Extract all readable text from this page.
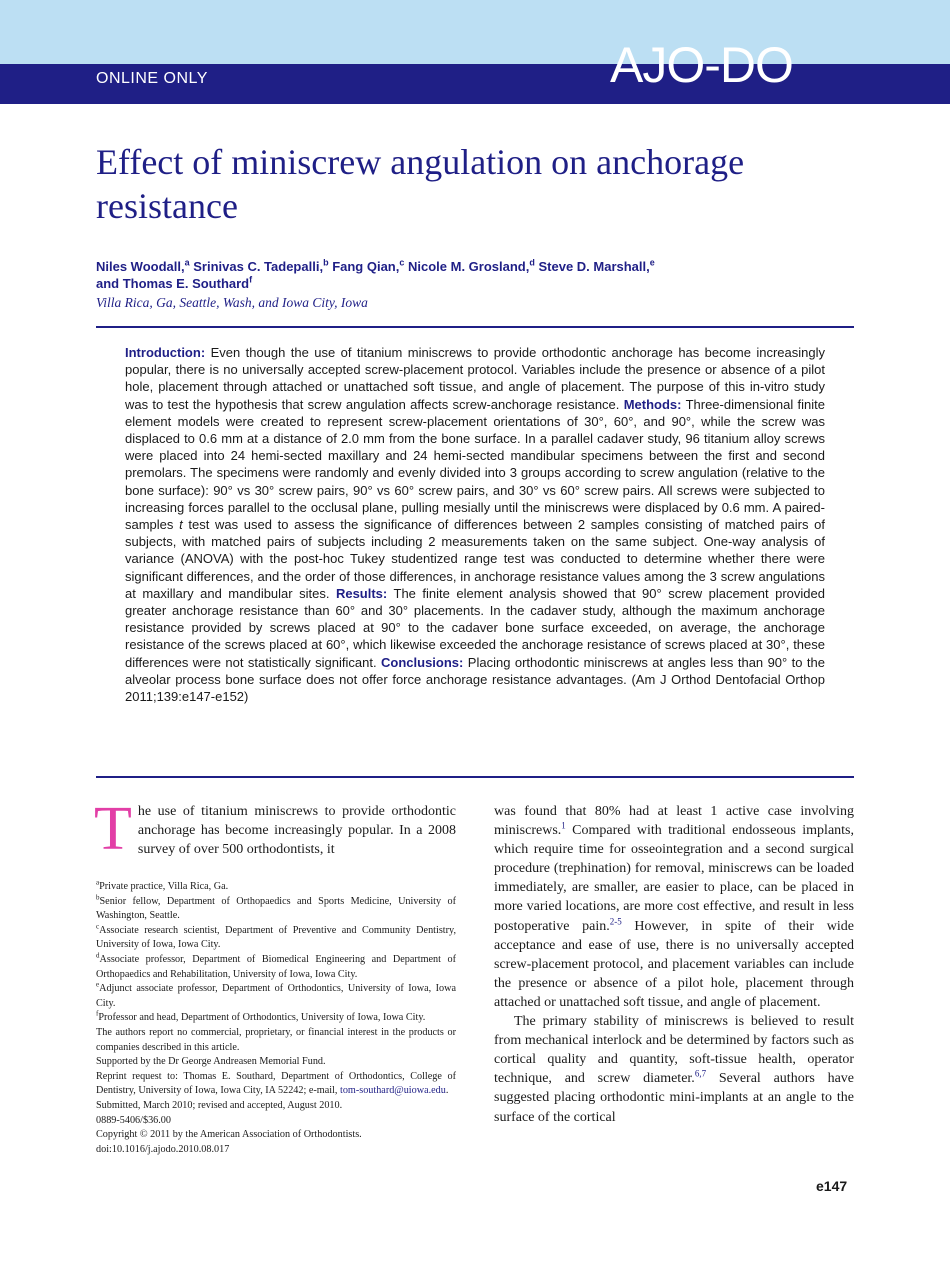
ONLINE ONLY	AJO-DO
Effect of miniscrew angulation on anchorage resistance
Niles Woodall,$^a$ Srinivas C. Tadepalli,$^b$ Fang Qian,$^c$ Nicole M. Grosland,$^d$ Steve D. Marshall,$^e$
and Thomas E. Southard$^f$
Villa Rica, Ga, Seattle, Wash, and Iowa City, Iowa

Introduction: Even though the use of titanium miniscrews to provide orthodontic anchorage has become increasingly popular, there is no universally accepted screw-placement protocol. Variables include the presence or absence of a pilot hole, placement through attached or unattached soft tissue, and angle of placement. The purpose of this in-vitro study was to test the hypothesis that screw angulation affects screw-anchorage resistance. Methods: Three-dimensional finite element models were created to represent screw-placement orientations of 30°, 60°, and 90°, while the screw was displaced to 0.6 mm at a distance of 2.0 mm from the bone surface. In a parallel cadaver study, 96 titanium alloy screws were placed into 24 hemi-sected maxillary and 24 hemi-sected mandibular specimens between the first and second premolars. The specimens were randomly and evenly divided into 3 groups according to screw angulation (relative to the bone surface): 90° vs 30° screw pairs, 90° vs 60° screw pairs, and 30° vs 60° screw pairs. All screws were subjected to increasing forces parallel to the occlusal plane, pulling mesially until the miniscrews were displaced by 0.6 mm. A paired-samples t test was used to assess the significance of differences between 2 samples consisting of matched pairs of subjects, with matched pairs of subjects including 2 measurements taken on the same subject. One-way analysis of variance (ANOVA) with the post-hoc Tukey studentized range test was conducted to determine whether there were significant differences, and the order of those differences, in anchorage resistance values among the 3 screw angulations at maxillary and mandibular sites. Results: The finite element analysis showed that 90° screw placement provided greater anchorage resistance than 60° and 30° placements. In the cadaver study, although the maximum anchorage resistance provided by screws placed at 90° to the cadaver bone surface exceeded, on average, the anchorage resistance of the screws placed at 60°, which likewise exceeded the anchorage resistance of screws placed at 30°, these differences were not statistically significant. Conclusions: Placing orthodontic miniscrews at angles less than 90° to the alveolar process bone surface does not offer force anchorage resistance advantages. (Am J Orthod Dentofacial Orthop 2011;139:e147-e152)

The use of titanium miniscrews to provide orthodontic anchorage has become increasingly popular. In a 2008 survey of over 500 orthodontists, it

$^a$Private practice, Villa Rica, Ga.

$^b$Senior fellow, Department of Orthopaedics and Sports Medicine, University of Washington, Seattle.

$^c$Associate research scientist, Department of Preventive and Community Dentistry, University of Iowa, Iowa City.

$^d$Associate professor, Department of Biomedical Engineering and Department of Orthopaedics and Rehabilitation, University of Iowa, Iowa City.

$^e$Adjunct associate professor, Department of Orthodontics, University of Iowa, Iowa City.

$^f$Professor and head, Department of Orthodontics, University of Iowa, Iowa City.

The authors report no commercial, proprietary, or financial interest in the products or companies described in this article.

Supported by the Dr George Andreasen Memorial Fund.

Reprint request to: Thomas E. Southard, Department of Orthodontics, College of Dentistry, University of Iowa, Iowa City, IA 52242; e-mail, tom-southard@uiowa.edu.

Submitted, March 2010; revised and accepted, August 2010.

0889-5406/$36.00

Copyright © 2011 by the American Association of Orthodontists.

doi:10.1016/j.ajodo.2010.08.017

was found that 80% had at least 1 active case involving miniscrews.$^1$ Compared with traditional endosseous implants, which require time for osseointegration and a second surgical procedure (trephination) for removal, miniscrews can be loaded immediately, are smaller, are easier to place, can be placed in more varied locations, are more cost effective, and result in less postoperative pain.$^{2-5}$ However, in spite of their wide acceptance and ease of use, there is no universally accepted screw-placement protocol, and placement variables can include the presence or absence of a pilot hole, placement through attached or unattached soft tissue, and angle of placement.

The primary stability of miniscrews is believed to result from mechanical interlock and be determined by factors such as cortical quality and quantity, soft-tissue health, operator technique, and screw diameter.$^{6,7}$ Several authors have suggested placing orthodontic mini-implants at an angle to the surface of the cortical

e147
